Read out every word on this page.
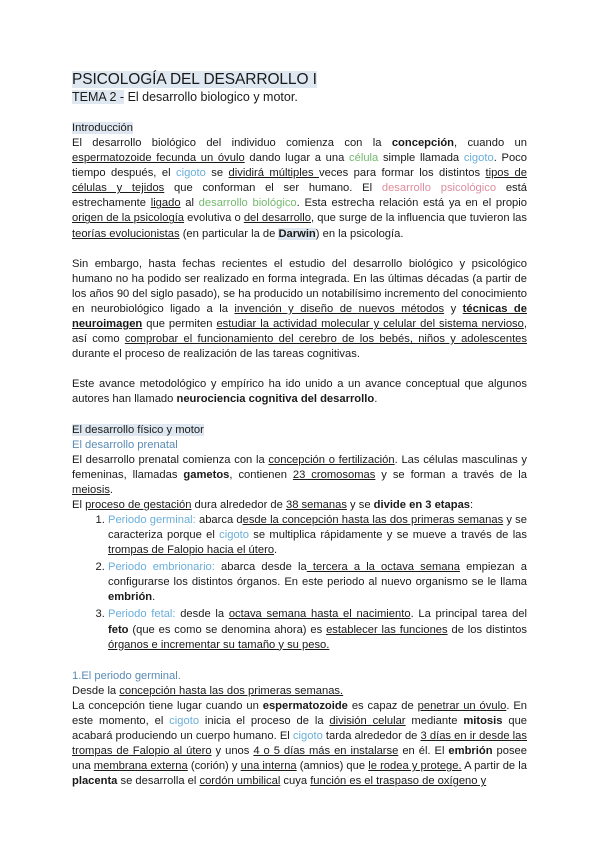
PSICOLOGÍA DEL DESARROLLO I

TEMA 2 - El desarrollo biologico y motor.

Introducción

El desarrollo biológico del individuo comienza con la concepción, cuando un espermatozoide fecunda un óvulo dando lugar a una célula simple llamada cigoto. Poco tiempo después, el cigoto se dividirá múltiples veces para formar los distintos tipos de células y tejidos que conforman el ser humano. El desarrollo psicológico está estrechamente ligado al desarrollo biológico. Esta estrecha relación está ya en el propio origen de la psicología evolutiva o del desarrollo, que surge de la influencia que tuvieron las teorías evolucionistas (en particular la de Darwin) en la psicología.

Sin embargo, hasta fechas recientes el estudio del desarrollo biológico y psicológico humano no ha podido ser realizado en forma integrada. En las últimas décadas (a partir de los años 90 del siglo pasado), se ha producido un notabilísimo incremento del conocimiento en neurobiológico ligado a la invención y diseño de nuevos métodos y técnicas de neuroimagen que permiten estudiar la actividad molecular y celular del sistema nervioso, así como comprobar el funcionamiento del cerebro de los bebés, niños y adolescentes durante el proceso de realización de las tareas cognitivas.

Este avance metodológico y empírico ha ido unido a un avance conceptual que algunos autores han llamado neurociencia cognitiva del desarrollo.

El desarrollo físico y motor

El desarrollo prenatal

El desarrollo prenatal comienza con la concepción o fertilización. Las células masculinas y femeninas, llamadas gametos, contienen 23 cromosomas y se forman a través de la meiosis.

El proceso de gestación dura alrededor de 38 semanas y se divide en 3 etapas:

1. Periodo germinal: abarca desde la concepción hasta las dos primeras semanas y se caracteriza porque el cigoto se multiplica rápidamente y se mueve a través de las trompas de Falopio hacia el útero.
2. Periodo embrionario: abarca desde la tercera a la octava semana empiezan a configurarse los distintos órganos. En este periodo al nuevo organismo se le llama embrión.
3. Periodo fetal: desde la octava semana hasta el nacimiento. La principal tarea del feto (que es como se denomina ahora) es establecer las funciones de los distintos órganos e incrementar su tamaño y su peso.

1.El periodo germinal.

Desde la concepción hasta las dos primeras semanas.

La concepción tiene lugar cuando un espermatozoide es capaz de penetrar un óvulo. En este momento, el cigoto inicia el proceso de la división celular mediante mitosis que acabará produciendo un cuerpo humano. El cigoto tarda alrededor de 3 días en ir desde las trompas de Falopio al útero y unos 4 o 5 días más en instalarse en él. El embrión posee una membrana externa (corión) y una interna (amnios) que le rodea y protege. A partir de la placenta se desarrolla el cordón umbilical cuya función es el traspaso de oxígeno y
